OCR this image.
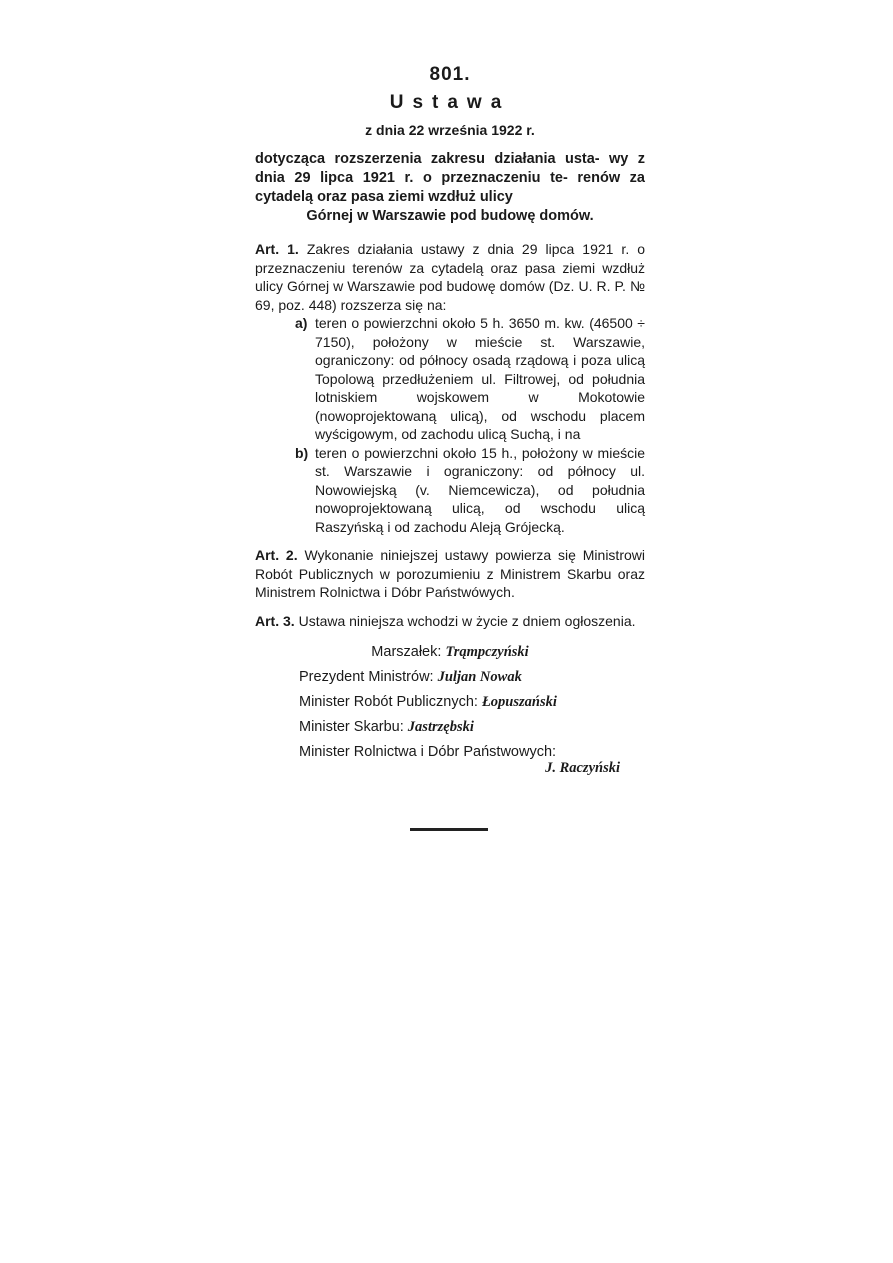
801.
Ustawa
z dnia 22 września 1922 r.
dotycząca rozszerzenia zakresu działania usta- wy z dnia 29 lipca 1921 r. o przeznaczeniu te- renów za cytadelą oraz pasa ziemi wzdłuż ulicy
Górnej w Warszawie pod budowę domów.
Art. 1. Zakres działania ustawy z dnia 29 lipca 1921 r. o przeznaczeniu terenów za cytadelą oraz pasa ziemi wzdłuż ulicy Górnej w Warszawie pod budowę domów (Dz. U. R. P. № 69, poz. 448) rozszerza się na:
a) teren o powierzchni około 5 h. 3650 m. kw. (46500 ÷ 7150), położony w mieście st. Warszawie, ograniczony: od północy osadą rządową i poza ulicą Topolową przedłużeniem ul. Filtrowej, od południa lotniskiem wojskowem w Mokotowie (nowoprojektowaną ulicą), od wschodu placem wyścigowym, od zachodu ulicą Suchą, i na
b) teren o powierzchni około 15 h., położony w mieście st. Warszawie i ograniczony: od północy ul. Nowowiejską (v. Niemcewicza), od południa nowoprojektowaną ulicą, od wschodu ulicą Raszyńską i od zachodu Aleją Grójecką.
Art. 2. Wykonanie niniejszej ustawy powierza się Ministrowi Robót Publicznych w porozumieniu z Ministrem Skarbu oraz Ministrem Rolnictwa i Dóbr Państwówych.
Art. 3. Ustawa niniejsza wchodzi w życie z dniem ogłoszenia.
Marszałek: Trąmpczyński
Prezydent Ministrów: Juljan Nowak
Minister Robót Publicznych: Łopuszański
Minister Skarbu: Jastrzębski
Minister Rolnictwa i Dóbr Państwowych:
J. Raczyński
